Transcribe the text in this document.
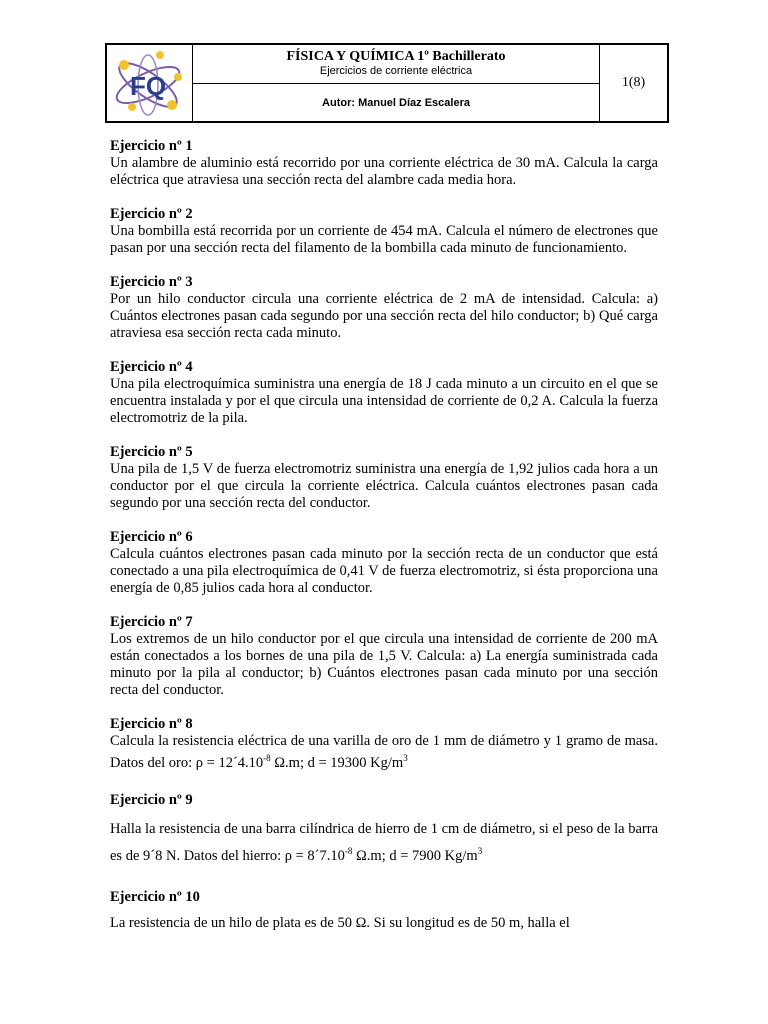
FQ
FÍSICA Y QUÍMICA 1º Bachillerato
Ejercicios de corriente eléctrica
Autor: Manuel Díaz Escalera
1(8)
Ejercicio nº 1
Un alambre de aluminio está recorrido por una corriente eléctrica de 30 mA. Calcula la carga eléctrica que atraviesa una sección recta del alambre cada media hora.
Ejercicio nº 2
Una bombilla está recorrida por un corriente de 454 mA. Calcula el número de electrones que pasan por una sección recta del filamento de la bombilla cada minuto de funcionamiento.
Ejercicio nº 3
Por un hilo conductor circula una corriente eléctrica de 2 mA de intensidad. Calcula: a) Cuántos electrones pasan cada segundo por una sección recta del hilo conductor; b) Qué carga atraviesa esa sección recta cada minuto.
Ejercicio nº 4
Una pila electroquímica suministra una energía de 18 J cada minuto a un circuito en el que se encuentra instalada y por el que circula una intensidad de corriente de 0,2 A. Calcula la fuerza electromotriz de la pila.
Ejercicio nº 5
Una pila de 1,5 V de fuerza electromotriz suministra una energía de 1,92 julios cada hora a un conductor por el que circula la corriente eléctrica. Calcula cuántos electrones pasan cada segundo por una sección recta del conductor.
Ejercicio nº 6
Calcula cuántos electrones pasan cada minuto por la sección recta de un conductor que está conectado a una pila electroquímica de 0,41 V de fuerza electromotriz, si ésta proporciona una energía de 0,85 julios cada hora al conductor.
Ejercicio nº 7
Los extremos de un hilo conductor por el que circula una intensidad de corriente de 200 mA están conectados a los bornes de una pila de 1,5 V. Calcula: a) La energía suministrada cada minuto por la pila al conductor; b) Cuántos electrones pasan cada minuto por una sección recta del conductor.
Ejercicio nº 8
Calcula la resistencia eléctrica de una varilla de oro de 1 mm de diámetro y 1 gramo de masa. Datos del oro: $\rho = 12´4.10^{-8}$ Ω.m; d = 19300 $Kg/m^3$
Ejercicio nº 9
Halla la resistencia de una barra cilíndrica de hierro de 1 cm de diámetro, si el peso de la barra es de 9´8 N. Datos del hierro: $\rho = 8´7.10^{-8}$ Ω.m; d = 7900 $Kg/m^3$
Ejercicio nº 10
La resistencia de un hilo de plata es de 50 Ω. Si su longitud es de 50 m, halla el
